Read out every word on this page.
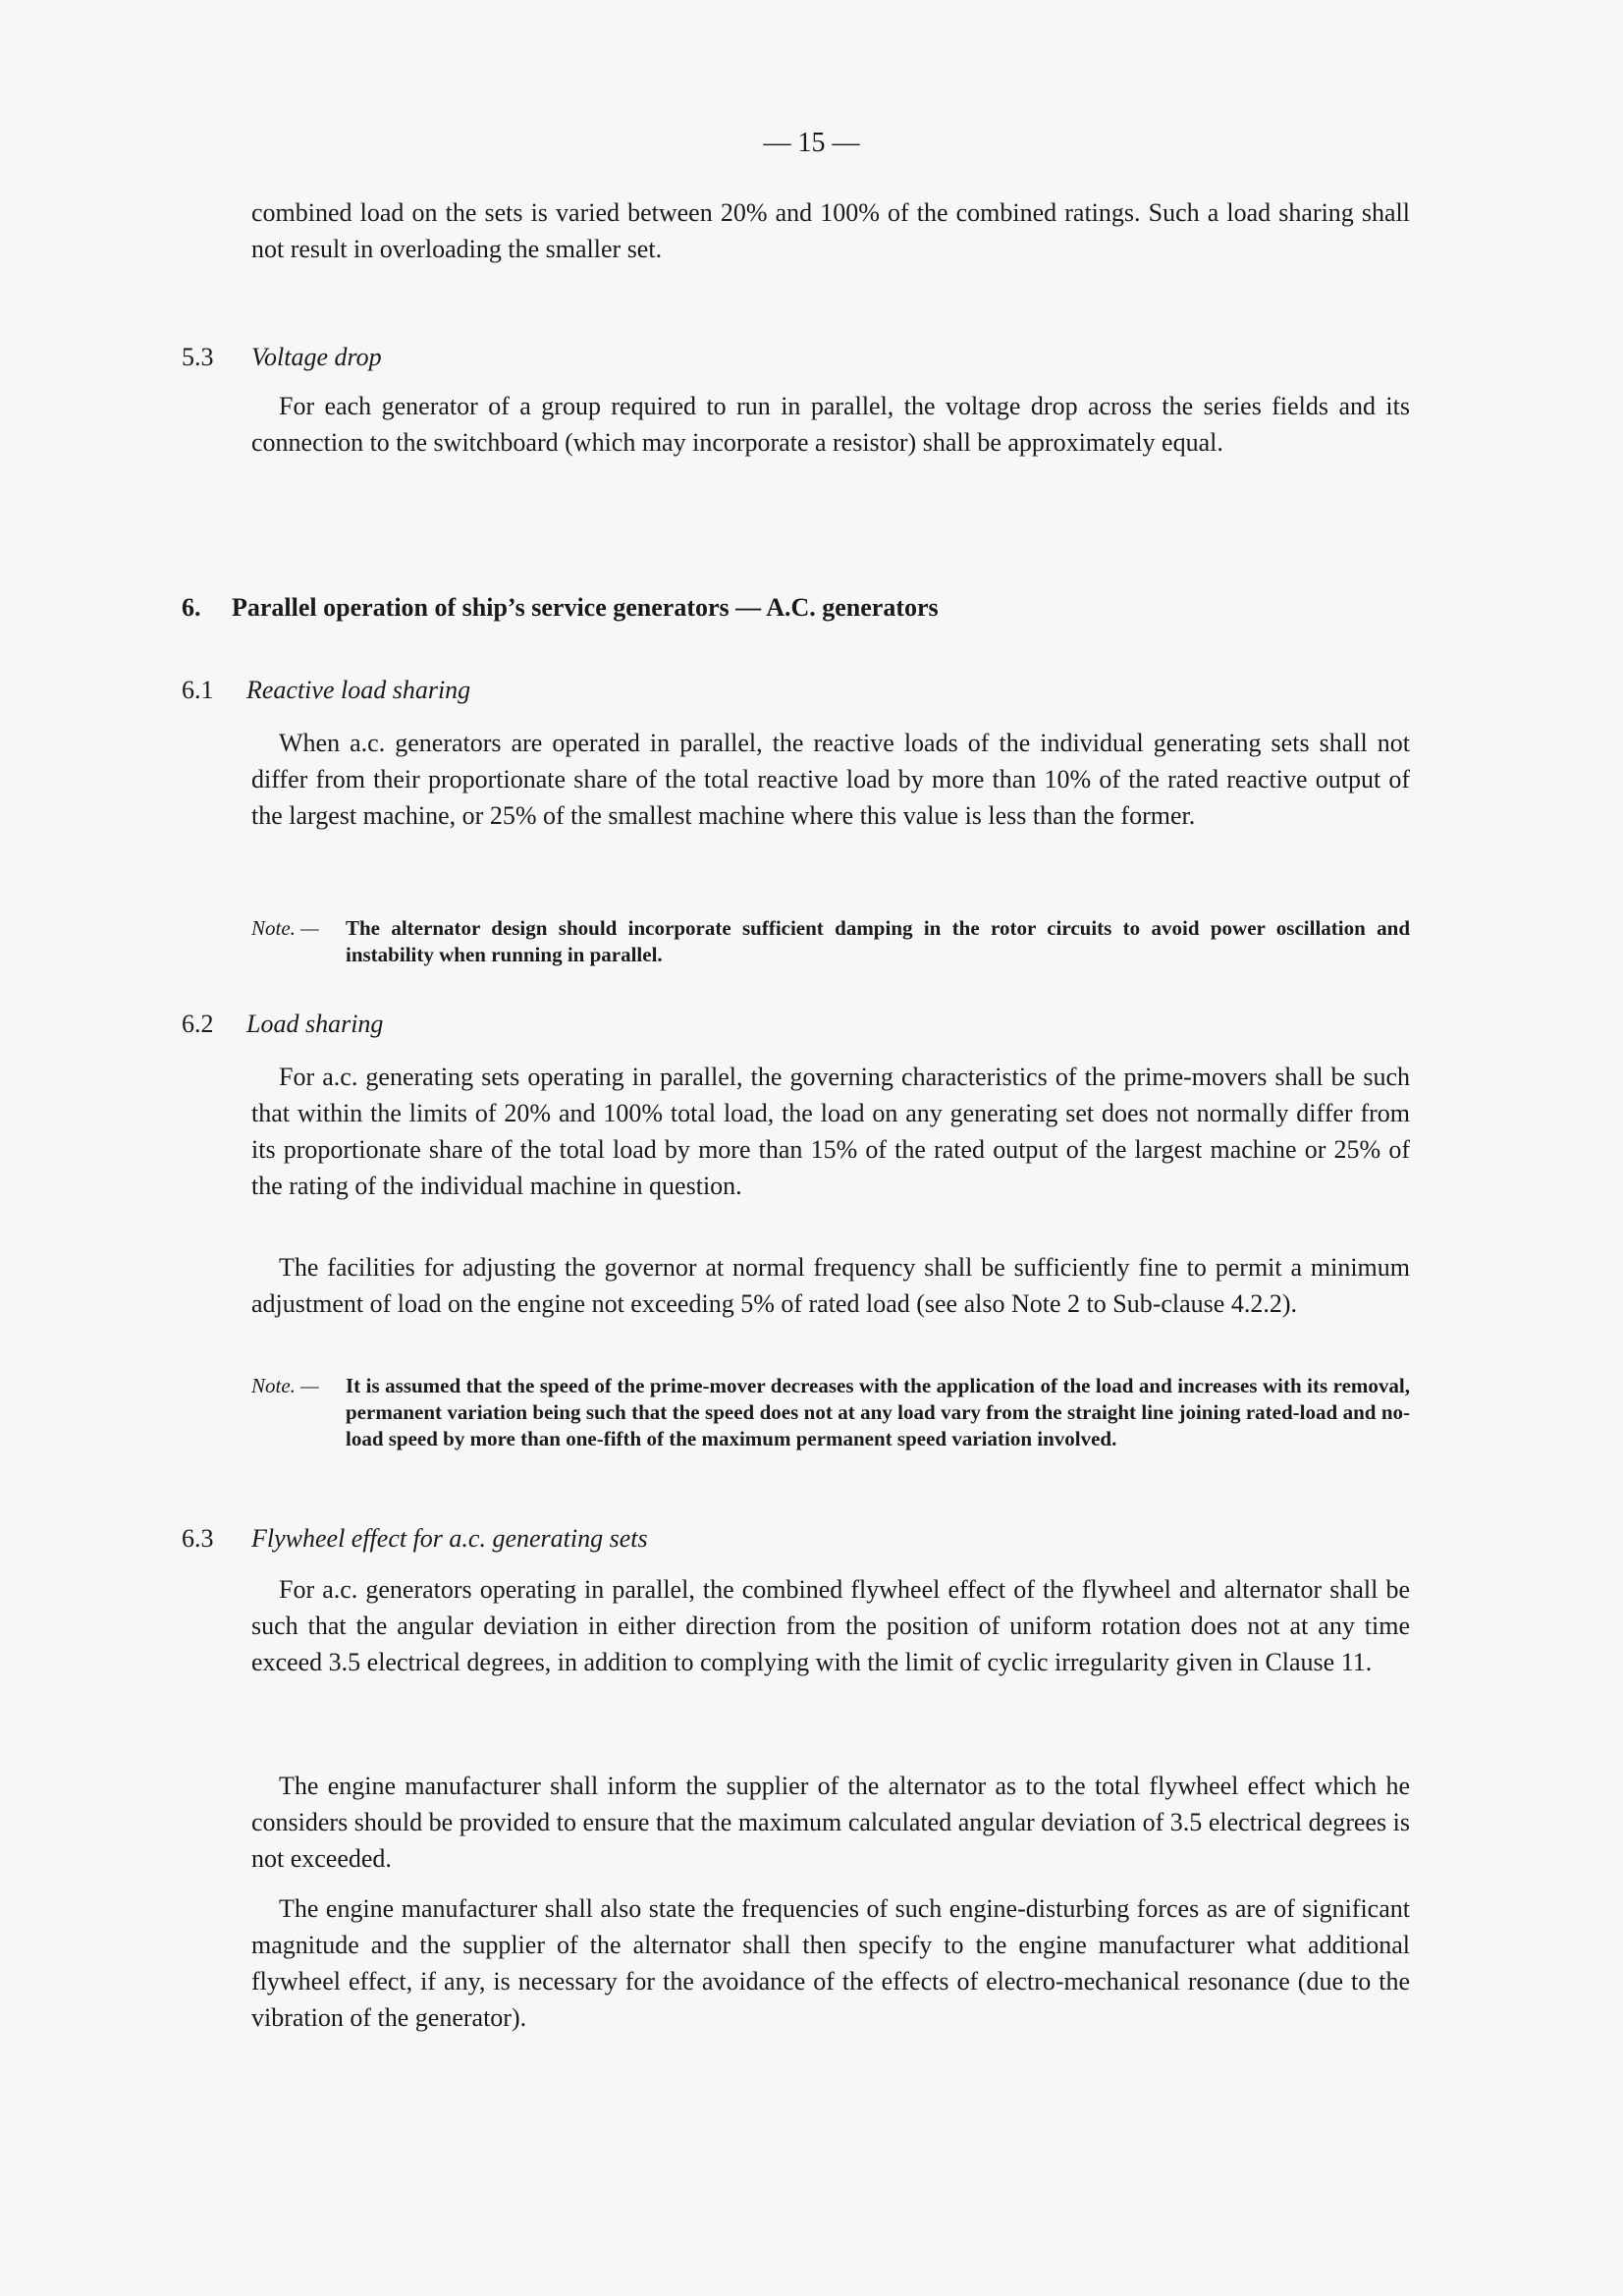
— 15 —

combined load on the sets is varied between 20% and 100% of the combined ratings. Such a load sharing shall not result in overloading the smaller set.

5.3 Voltage drop

For each generator of a group required to run in parallel, the voltage drop across the series fields and its connection to the switchboard (which may incorporate a resistor) shall be approximately equal.

6. Parallel operation of ship’s service generators — A.C. generators
6.1 Reactive load sharing

When a.c. generators are operated in parallel, the reactive loads of the individual generating sets shall not differ from their proportionate share of the total reactive load by more than 10% of the rated reactive output of the largest machine, or 25% of the smallest machine where this value is less than the former.

Note. — The alternator design should incorporate sufficient damping in the rotor circuits to avoid power oscillation and instability when running in parallel.

6.2 Load sharing

For a.c. generating sets operating in parallel, the governing characteristics of the prime-movers shall be such that within the limits of 20% and 100% total load, the load on any generating set does not normally differ from its proportionate share of the total load by more than 15% of the rated output of the largest machine or 25% of the rating of the individual machine in question.

The facilities for adjusting the governor at normal frequency shall be sufficiently fine to permit a minimum adjustment of load on the engine not exceeding 5% of rated load (see also Note 2 to Sub-clause 4.2.2).

Note. — It is assumed that the speed of the prime-mover decreases with the application of the load and increases with its removal, permanent variation being such that the speed does not at any load vary from the straight line joining rated-load and no-load speed by more than one-fifth of the maximum permanent speed variation involved.

6.3 Flywheel effect for a.c. generating sets

For a.c. generators operating in parallel, the combined flywheel effect of the flywheel and alternator shall be such that the angular deviation in either direction from the position of uniform rotation does not at any time exceed 3.5 electrical degrees, in addition to complying with the limit of cyclic irregularity given in Clause 11.

The engine manufacturer shall inform the supplier of the alternator as to the total flywheel effect which he considers should be provided to ensure that the maximum calculated angular deviation of 3.5 electrical degrees is not exceeded.

The engine manufacturer shall also state the frequencies of such engine-disturbing forces as are of significant magnitude and the supplier of the alternator shall then specify to the engine manufacturer what additional flywheel effect, if any, is necessary for the avoidance of the effects of electro-mechanical resonance (due to the vibration of the generator).
